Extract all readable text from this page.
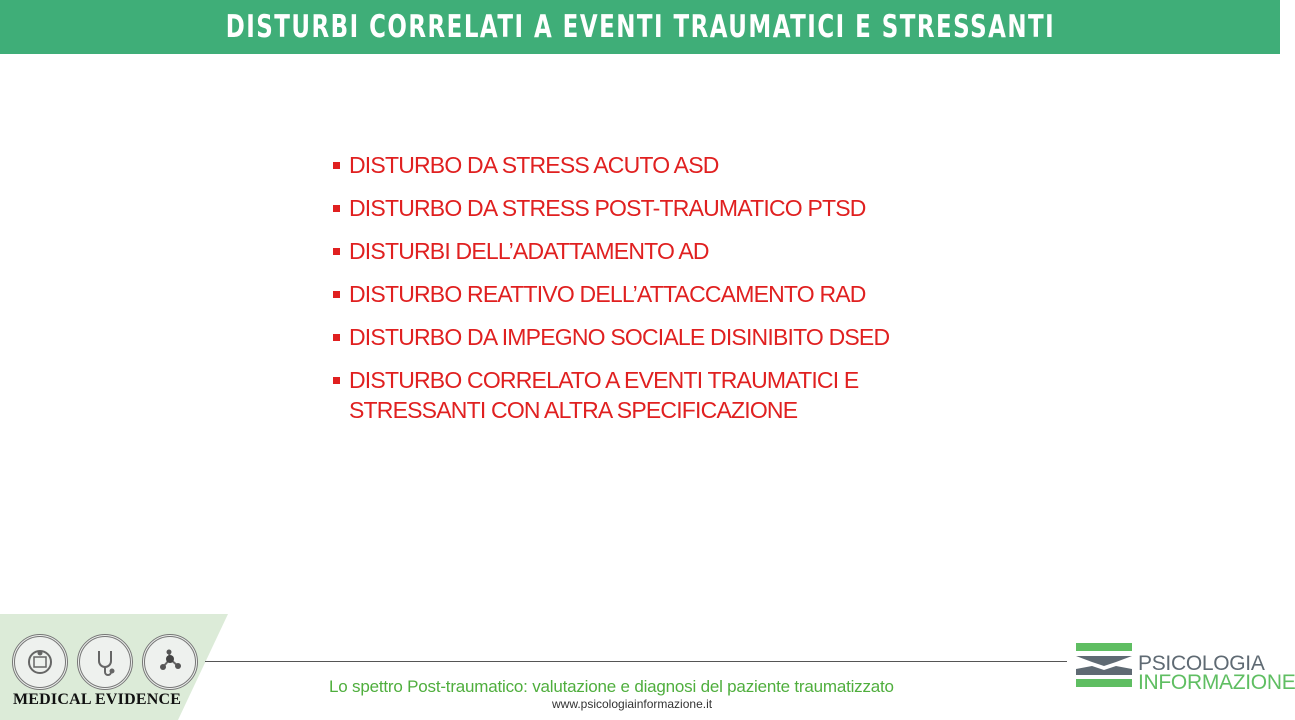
DISTURBI CORRELATI A EVENTI TRAUMATICI E STRESSANTI
DISTURBO DA STRESS ACUTO ASD
DISTURBO DA STRESS POST-TRAUMATICO PTSD
DISTURBI DELL’ADATTAMENTO AD
DISTURBO REATTIVO DELL’ATTACCAMENTO RAD
DISTURBO DA IMPEGNO SOCIALE DISINIBITO DSED
DISTURBO CORRELATO A EVENTI TRAUMATICI E STRESSANTI CON ALTRA SPECIFICAZIONE
MEDICAL EVIDENCE
Lo spettro Post-traumatico: valutazione e diagnosi del paziente traumatizzato
www.psicologiainformazione.it
PSICOLOGIA
INFORMAZIONE
